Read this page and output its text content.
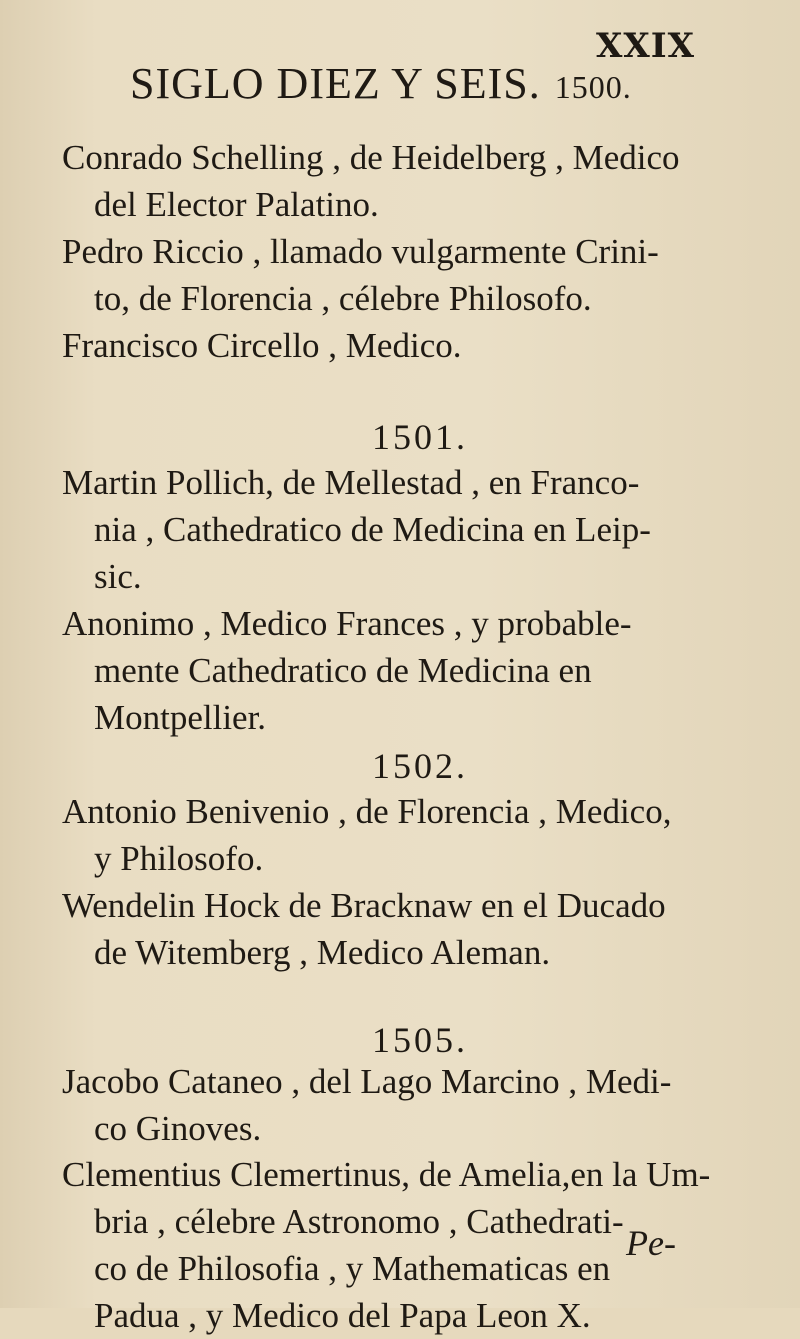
XXIX
SIGLO DIEZ Y SEIS. 1500.
Conrado Schelling , de Heidelberg , Medico
del Elector Palatino.
Pedro Riccio , llamado vulgarmente Crini-
to, de Florencia , célebre Philosofo.
Francisco Circello , Medico.
1501.
Martin Pollich, de Mellestad , en Franco-
nia , Cathedratico de Medicina en Leip-
sic.
Anonimo , Medico Frances , y probable-
mente Cathedratico de Medicina en
Montpellier.
1502.
Antonio Benivenio , de Florencia , Medico,
y Philosofo.
Wendelin Hock de Bracknaw en el Ducado
de Witemberg , Medico Aleman.
1505.
Jacobo Cataneo , del Lago Marcino , Medi-
co Ginoves.
Clementius Clemertinus, de Amelia,en la Um-
bria , célebre Astronomo , Cathedrati-
co de Philosofia , y Mathematicas en
Padua , y Medico del Papa Leon X.
Pe-
